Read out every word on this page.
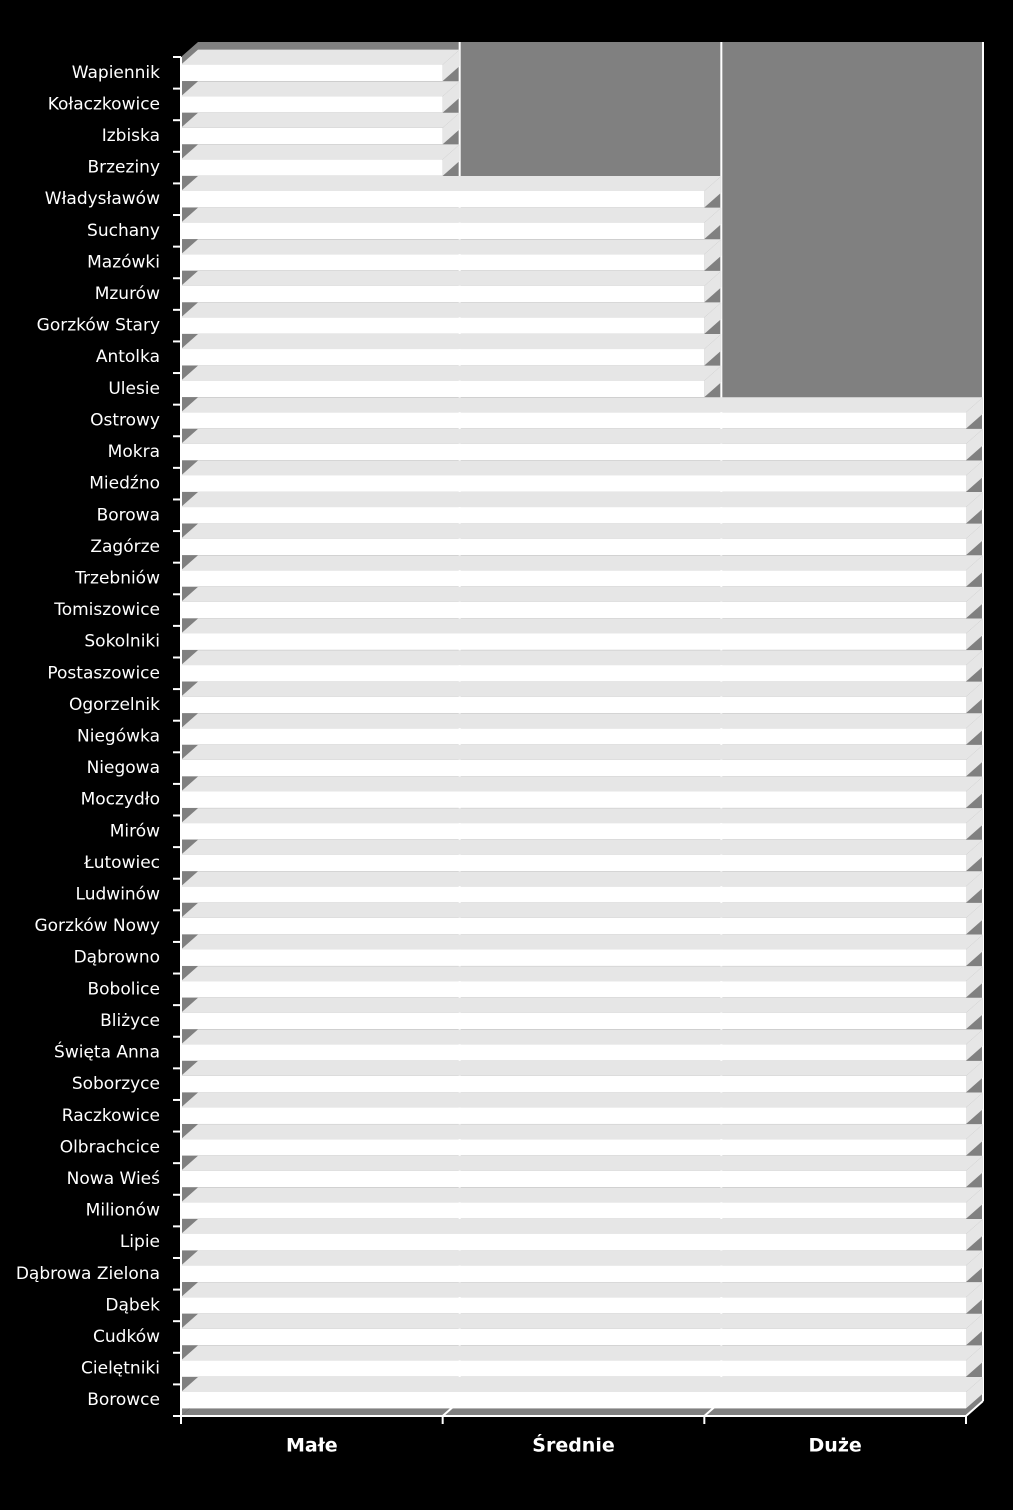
Wapiennik
Kołaczkowice
Izbiska
Brzeziny
Władysławów
Suchany
Mazówki
Mzurów
Gorzków Stary
Antolka
Ulesie
Ostrowy
Mokra
Miedźno
Borowa
Zagórze
Trzebniów
Tomiszowice
Sokolniki
Postaszowice
Ogorzelnik
Niegówka
Niegowa
Moczydło
Mirów
Łutowiec
Ludwinów
Gorzków Nowy
Dąbrowno
Bobolice
Bliżyce
Święta Anna
Soborzyce
Raczkowice
Olbrachcice
Nowa Wieś
Milionów
Lipie
Dąbrowa Zielona
Dąbek
Cudków
Cielętniki
Borowce
Małe	Średnie	Duże
